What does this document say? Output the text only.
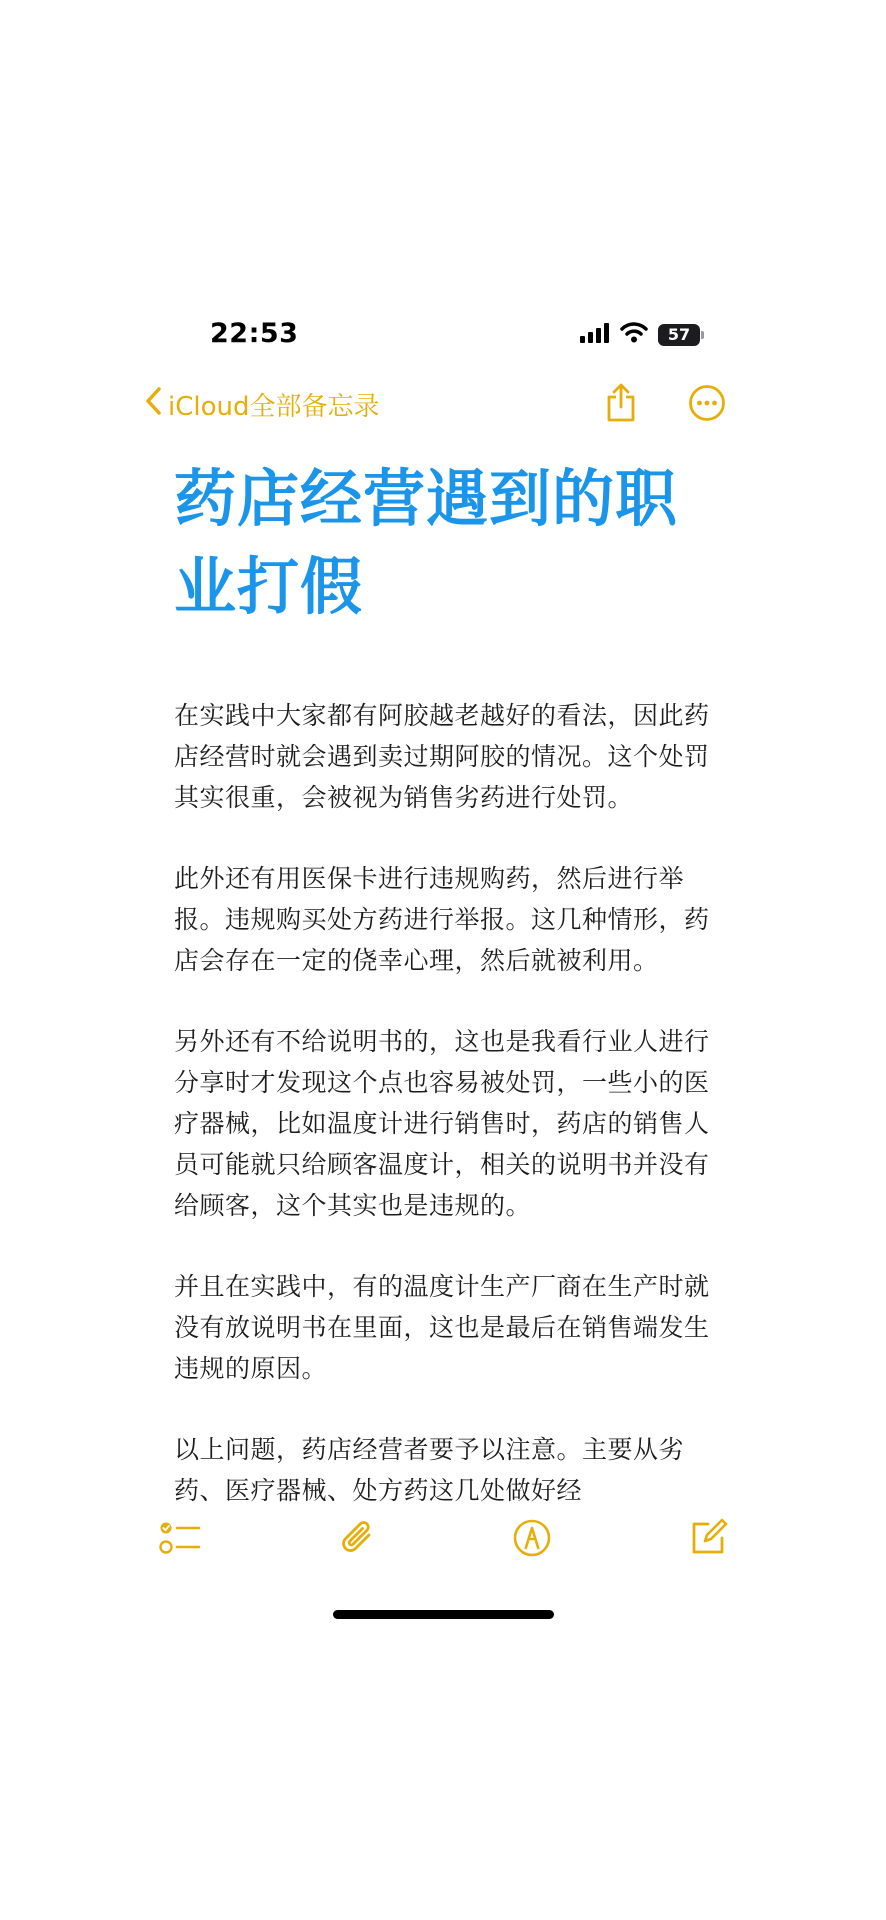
22:53	57
iCloud全部备忘录
药店经营遇到的职业打假

在实践中大家都有阿胶越老越好的看法，因此药店经营时就会遇到卖过期阿胶的情况。这个处罚其实很重，会被视为销售劣药进行处罚。

此外还有用医保卡进行违规购药，然后进行举报。违规购买处方药进行举报。这几种情形，药店会存在一定的侥幸心理，然后就被利用。

另外还有不给说明书的，这也是我看行业人进行分享时才发现这个点也容易被处罚，一些小的医疗器械，比如温度计进行销售时，药店的销售人员可能就只给顾客温度计，相关的说明书并没有给顾客，这个其实也是违规的。

并且在实践中，有的温度计生产厂商在生产时就没有放说明书在里面，这也是最后在销售端发生违规的原因。

以上问题，药店经营者要予以注意。主要从劣药、医疗器械、处方药这几处做好经
